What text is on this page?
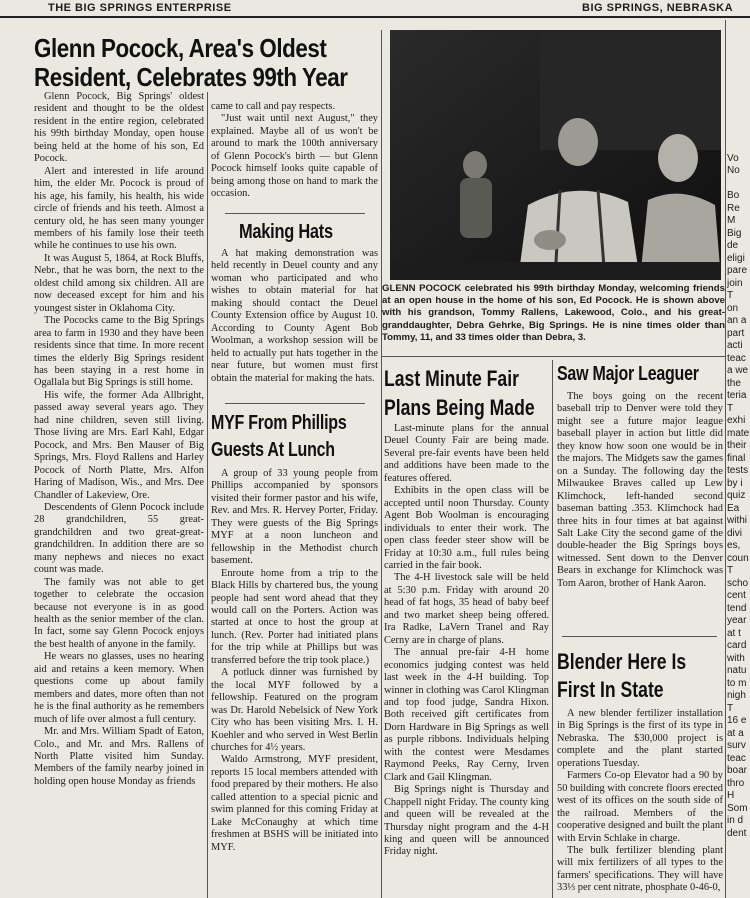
THE BIG SPRINGS ENTERPRISE	BIG SPRINGS, NEBRASKA
Glenn Pocock, Area's Oldest
Resident, Celebrates 99th Year

Glenn Pocock, Big Springs' oldest resident and thought to be the oldest resident in the entire region, celebrated his 99th birthday Monday, open house being held at the home of his son, Ed Pocock.

Alert and interested in life around him, the elder Mr. Pocock is proud of his age, his family, his health, his wide circle of friends and his teeth. Almost a century old, he has seen many younger members of his family lose their teeth while he continues to use his own.

It was August 5, 1864, at Rock Bluffs, Nebr., that he was born, the next to the oldest child among six children. All are now deceased except for him and his youngest sister in Oklahoma City.

The Pococks came to the Big Springs area to farm in 1930 and they have been residents since that time. In more recent times the elderly Big Springs resident has been staying in a rest home in Ogallala but Big Springs is still home.

His wife, the former Ada Allbright, passed away several years ago. They had nine children, seven still living. Those living are Mrs. Earl Kahl, Edgar Pocock, and Mrs. Ben Mauser of Big Springs, Mrs. Floyd Rallens and Harley Pocock of North Platte, Mrs. Alfon Haring of Madison, Wis., and Mrs. Dee Chandler of Lakeview, Ore.

Descendents of Glenn Pocock include 28 grandchildren, 55 great-grandchildren and two great-great-grandchildren. In addition there are so many nephews and nieces no exact count was made.

The family was not able to get together to celebrate the occasion because not everyone is in as good health as the senior member of the clan. In fact, some say Glenn Pocock enjoys the best health of anyone in the family.

He wears no glasses, uses no hearing aid and retains a keen memory. When questions come up about family members and dates, more often than not he is the final authority as he remembers much of life over almost a full century.

Mr. and Mrs. William Spadt of Eaton, Colo., and Mr. and Mrs. Rallens of North Platte visited him Sunday. Members of the family nearby joined in holding open house Monday as friends

came to call and pay respects.

"Just wait until next August," they explained. Maybe all of us won't be around to mark the 100th anniversary of Glenn Pocock's birth — but Glenn Pocock himself looks quite capable of being among those on hand to mark the occasion.

Making Hats

A hat making demonstration was held recently in Deuel county and any woman who participated and who wishes to obtain material for hat making should contact the Deuel County Extension office by August 10. According to County Agent Bob Woolman, a workshop session will be held to actually put hats together in the near future, but women must first obtain the material for making the hats.

MYF From Phillips
Guests At Lunch

A group of 33 young people from Phillips accompanied by sponsors visited their former pastor and his wife, Rev. and Mrs. R. Hervey Porter, Friday. They were guests of the Big Springs MYF at a noon luncheon and fellowship in the Methodist church basement.

Enroute home from a trip to the Black Hills by chartered bus, the young people had sent word ahead that they would call on the Porters. Action was started at once to host the group at lunch. (Rev. Porter had initiated plans for the trip while at Phillips but was transferred before the trip took place.)

A potluck dinner was furnished by the local MYF followed by a fellowship. Featured on the program was Dr. Harold Nebelsick of New York City who has been visiting Mrs. I. H. Koehler and who served in West Berlin churches for 4½ years.

Waldo Armstrong, MYF president, reports 15 local members attended with food prepared by their mothers. He also called attention to a special picnic and swim planned for this coming Friday at Lake McConaughy at which time freshmen at BSHS will be initiated into MYF.

GLENN POCOCK celebrated his 99th birthday Monday, welcoming friends at an open house in the home of his son, Ed Pocock. He is shown above with his grandson, Tommy Rallens, Lakewood, Colo., and his great-granddaughter, Debra Gehrke, Big Springs. He is nine times older than Tommy, 11, and 33 times older than Debra, 3.
Last Minute Fair
Plans Being Made

Last-minute plans for the annual Deuel County Fair are being made. Several pre-fair events have been held and additions have been made to the features offered.

Exhibits in the open class will be accepted until noon Thursday. County Agent Bob Woolman is encouraging individuals to enter their work. The open class feeder steer show will be Friday at 10:30 a.m., full rules being carried in the fair book.

The 4-H livestock sale will be held at 5:30 p.m. Friday with around 20 head of fat hogs, 35 head of baby beef and two market sheep being offered. Ira Radke, LaVern Tranel and Ray Cerny are in charge of plans.

The annual pre-fair 4-H home economics judging contest was held last week in the 4-H building. Top winner in clothing was Carol Klingman and top food judge, Sandra Hixon. Both received gift certificates from Dorn Hardware in Big Springs as well as purple ribbons. Individuals helping with the contest were Mesdames Raymond Peeks, Ray Cerny, Irven Clark and Gail Klingman.

Big Springs night is Thursday and Chappell night Friday. The county king and queen will be revealed at the Thursday night program and the 4-H king and queen will be announced Friday night.

Saw Major Leaguer

The boys going on the recent baseball trip to Denver were told they might see a future major league baseball player in action but little did they know how soon one would be in the majors. The Midgets saw the games on a Sunday. The following day the Milwaukee Braves called up Lew Klimchock, left-handed second baseman batting .353. Klimchock had three hits in four times at bat against Salt Lake City the second game of the double-header the Big Springs boys witnessed. Sent down to the Denver Bears in exchange for Klimchock was Tom Aaron, brother of Hank Aaron.

Blender Here Is
First In State

A new blender fertilizer installation in Big Springs is the first of its type in Nebraska. The $30,000 project is complete and the plant started operations Tuesday.

Farmers Co-op Elevator had a 90 by 50 building with concrete floors erected west of its offices on the south side of the railroad. Members of the cooperative designed and built the plant with Ervin Schlake in charge.

The bulk fertilizer blending plant will mix fertilizers of all types to the farmers' specifications. They will have 33⅓ per cent nitrate, phosphate 0-46-0,

Vo
No

Bo
Re
M
Big
de
eligi
pare
join
T
on
an a
part
acti
teac
a we
the
teria
T
exhi
mate
their
final
tests
by i
quiz
Ea
withi
divi
es,
coun
T
scho
cent
tend
year
at t
card
with
natu
to m
nigh
T
16 e
at a
surv
teac
boar
thro
H
Som
in d
dent
